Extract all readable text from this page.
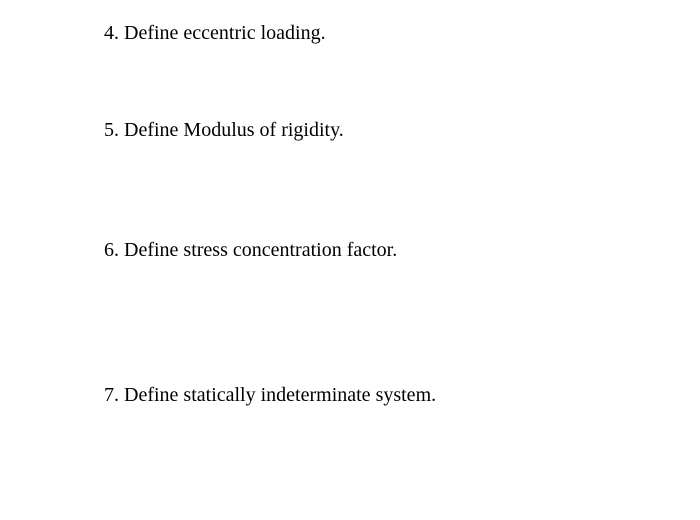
4. Define eccentric loading.

5. Define Modulus of rigidity.

6. Define stress concentration factor.

7. Define statically indeterminate system.
